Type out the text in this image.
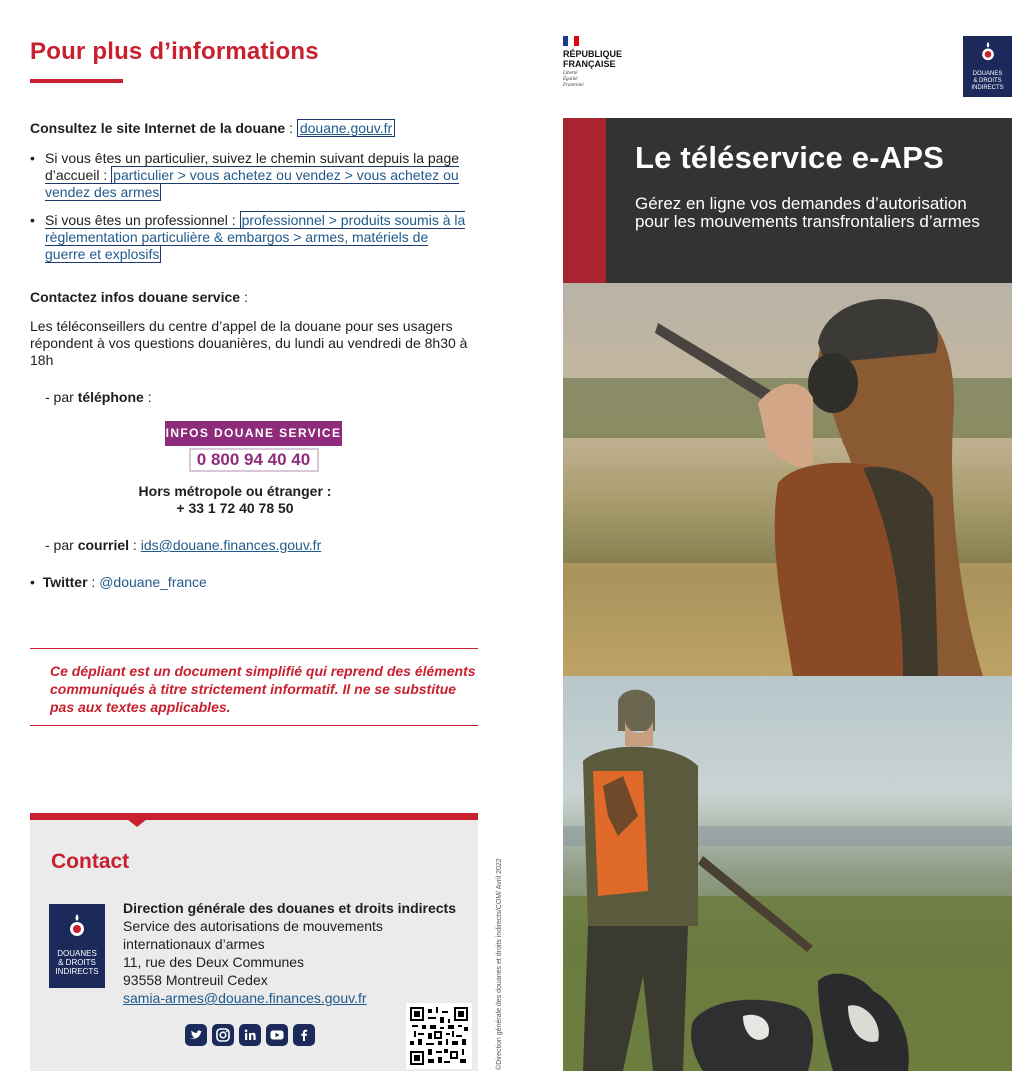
Pour plus d’informations
Consultez le site Internet de la douane : douane.gouv.fr
• Si vous êtes un particulier, suivez le chemin suivant depuis la page d’accueil : particulier > vous achetez ou vendez > vous achetez ou vendez des armes
• Si vous êtes un professionnel : professionnel > produits soumis à la règlementation particulière & embargos > armes, matériels de guerre et explosifs
Contactez infos douane service :
Les téléconseillers du centre d’appel de la douane pour ses usagers répondent à vos questions douanières, du lundi au vendredi de 8h30 à 18h
- par téléphone :
INFOS DOUANE SERVICE
0 800 94 40 40
Hors métropole ou étranger :
+ 33 1 72 40 78 50
- par courriel : ids@douane.finances.gouv.fr
•  Twitter : @douane_france
Ce dépliant est un document simplifié qui reprend des éléments communiqués à titre strictement informatif. Il ne se substitue pas aux textes applicables.
Contact
DOUANES
& DROITS
INDIRECTS
Direction générale des douanes et droits indirects
Service des autorisations de mouvements internationaux d’armes
11, rue des Deux Communes
93558 Montreuil Cedex
samia-armes@douane.finances.gouv.fr	©Direction générale des douanes et droits indirects/COM/ Avril 2022
RÉPUBLIQUE
FRANÇAISE
Liberté
Égalité
Fraternité
DOUANES
& DROITS
INDIRECTS
Le téléservice e-APS
Gérez en ligne vos demandes d’autorisation pour les mouvements transfrontaliers d’armes
